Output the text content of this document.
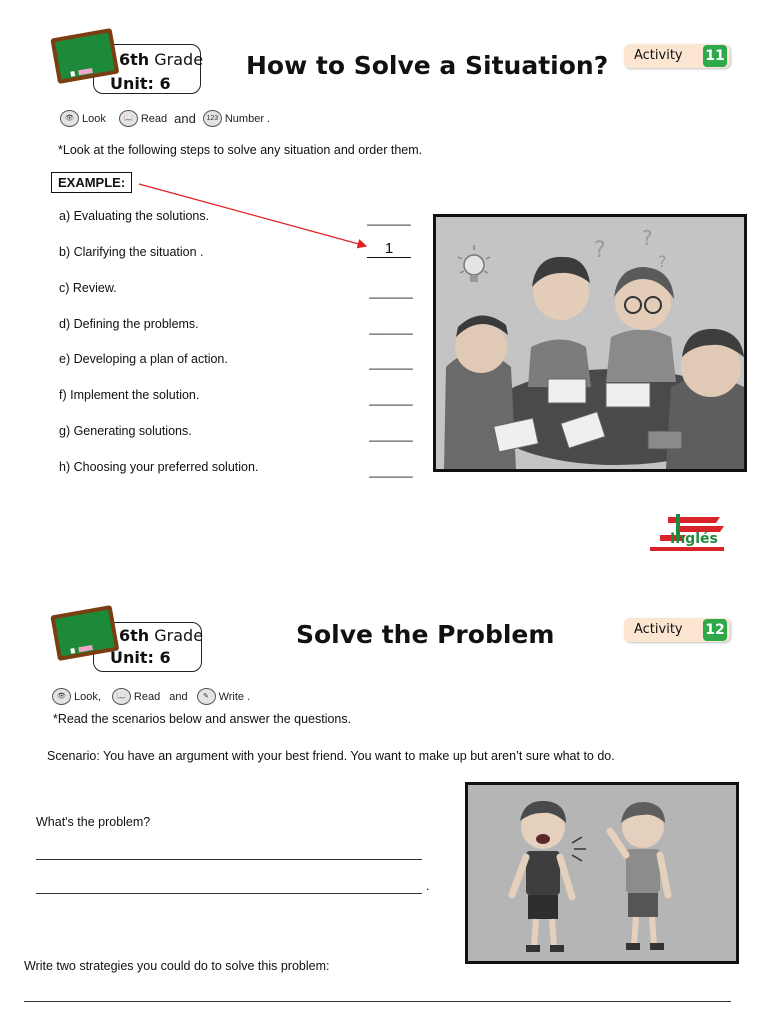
6th Grade
Unit: 6
How to Solve a Situation? Activity 11
👁 Look	📖 Read and	123 Number .
*Look at the following steps to solve any situation and order them.
EXAMPLE:
a) Evaluating the solutions.	______
b) Clarifying the situation .	1
c) Review.	______
d) Defining the problems.	______
e) Developing a plan of action.	______
f) Implement the solution.	______
g) Generating solutions.	______
h) Choosing your preferred solution.	______
? ?
?
Inglés
6th Grade
Unit: 6
Solve the Problem	Activity 12
👁 Look,	📖 Read and	✎ Write .
*Read the scenarios below and answer the questions.
Scenario: You have an argument with your best friend. You want to make up but aren’t sure what to do.
What's the problem?
.
Write two strategies you could do to solve this problem:
